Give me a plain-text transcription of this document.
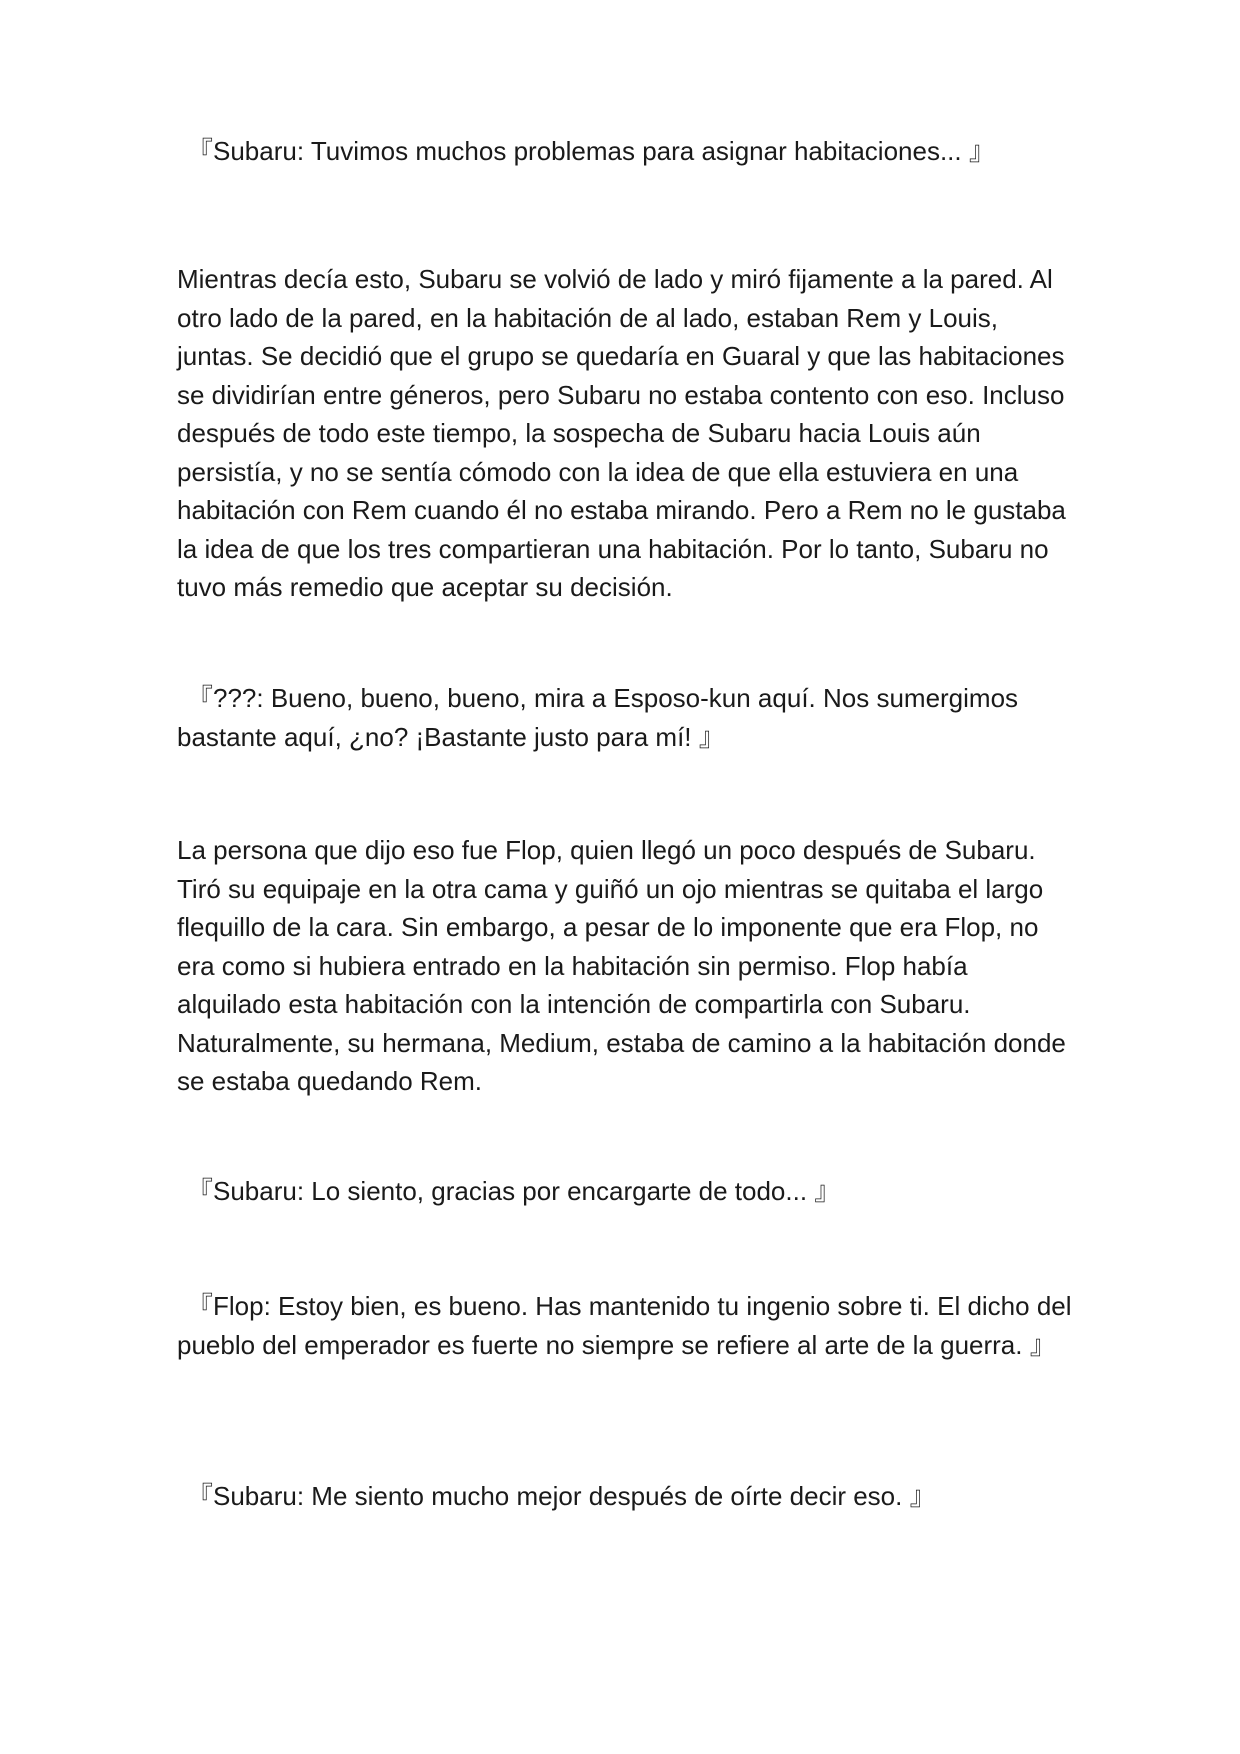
『Subaru: Tuvimos muchos problemas para asignar habitaciones... 』

Mientras decía esto, Subaru se volvió de lado y miró fijamente a la pared. Al otro lado de la pared, en la habitación de al lado, estaban Rem y Louis, juntas. Se decidió que el grupo se quedaría en Guaral y que las habitaciones se dividirían entre géneros, pero Subaru no estaba contento con eso. Incluso después de todo este tiempo, la sospecha de Subaru hacia Louis aún persistía, y no se sentía cómodo con la idea de que ella estuviera en una habitación con Rem cuando él no estaba mirando. Pero a Rem no le gustaba la idea de que los tres compartieran una habitación. Por lo tanto, Subaru no tuvo más remedio que aceptar su decisión.

『???: Bueno, bueno, bueno, mira a Esposo-kun aquí. Nos sumergimos bastante aquí, ¿no? ¡Bastante justo para mí! 』

La persona que dijo eso fue Flop, quien llegó un poco después de Subaru. Tiró su equipaje en la otra cama y guiñó un ojo mientras se quitaba el largo flequillo de la cara. Sin embargo, a pesar de lo imponente que era Flop, no era como si hubiera entrado en la habitación sin permiso. Flop había alquilado esta habitación con la intención de compartirla con Subaru. Naturalmente, su hermana, Medium, estaba de camino a la habitación donde se estaba quedando Rem.

『Subaru: Lo siento, gracias por encargarte de todo... 』

『Flop: Estoy bien, es bueno. Has mantenido tu ingenio sobre ti. El dicho del pueblo del emperador es fuerte no siempre se refiere al arte de la guerra. 』

『Subaru: Me siento mucho mejor después de oírte decir eso. 』
